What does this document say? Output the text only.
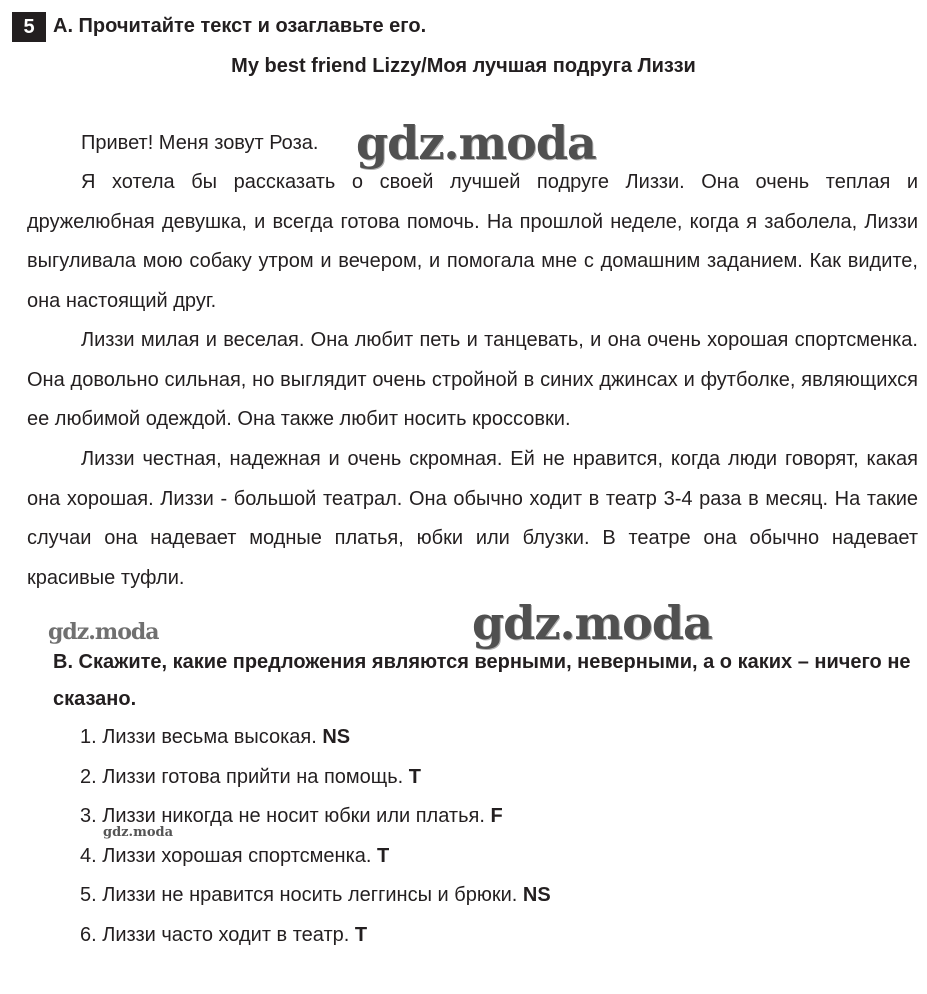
5 A. Прочитайте текст и озаглавьте его.
My best friend Lizzy/Моя лучшая подруга Лиззи

Привет! Меня зовут Роза.

Я хотела бы рассказать о своей лучшей подруге Лиззи. Она очень теплая и дружелюбная девушка, и всегда готова помочь. На прошлой неделе, когда я заболела, Лиззи выгуливала мою собаку утром и вечером, и помогала мне с домашним заданием. Как видите, она настоящий друг.

Лиззи милая и веселая. Она любит петь и танцевать, и она очень хорошая спортсменка. Она довольно сильная, но выглядит очень стройной в синих джинсах и футболке, являющихся ее любимой одеждой. Она также любит носить кроссовки.

Лиззи честная, надежная и очень скромная. Ей не нравится, когда люди говорят, какая она хорошая. Лиззи - большой театрал. Она обычно ходит в театр 3-4 раза в месяц. На такие случаи она надевает модные платья, юбки или блузки. В театре она обычно надевает красивые туфли.

gdz.moda
gdz.moda
gdz.moda

B. Скажите, какие предложения являются верными, неверными, а о каких – ничего не сказано.

1. Лиззи весьма высокая. NS
2. Лиззи готова прийти на помощь. T
3. Лиззи никогда не носит юбки или платья. F
4. Лиззи хорошая спортсменка. T
5. Лиззи не нравится носить леггинсы и брюки. NS
6. Лиззи часто ходит в театр. T
gdz.moda
